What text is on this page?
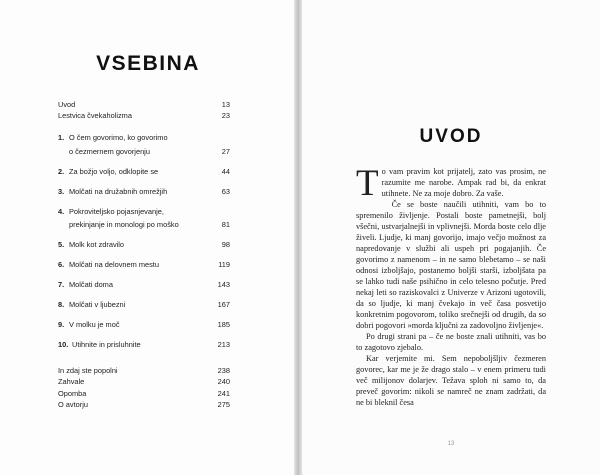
VSEBINA
Uvod	13
Lestvica čvekaholizma	23
1. O čem govorimo, ko govorimo
o čezmernem govorjenju	27
2. Za božjo voljo, odklopite se	44
3. Molčati na družabnih omrežjih	63
4. Pokroviteljsko pojasnjevanje,
prekinjanje in monologi po moško	81
5. Molk kot zdravilo	98
6. Molčati na delovnem mestu	119
7. Molčati doma	143
8. Molčati v ljubezni	167
9. V molku je moč	185
10. Utihnite in prisluhnite	213
In zdaj ste popolni	238
Zahvale	240
Opomba	241
O avtorju	275
UVOD

To vam pravim kot prijatelj, zato vas prosim, ne razumite me narobe. Ampak rad bi, da enkrat utihnete. Ne za moje dobro. Za vaše.

Če se boste naučili utihniti, vam bo to spremenilo življenje. Postali boste pametnejši, bolj všečni, ustvarjalnejši in vplivnejši. Morda boste celo dlje živeli. Ljudje, ki manj govorijo, imajo večjo možnost za napredovanje v službi ali uspeh pri pogajanjih. Če govorimo z namenom – in ne samo blebetamo – se naši odnosi izboljšajo, postanemo boljši starši, izboljšata pa se lahko tudi naše psihično in celo telesno počutje. Pred nekaj leti so raziskovalci z Univerze v Arizoni ugotovili, da so ljudje, ki manj čvekajo in več časa posvetijo konkretnim pogovorom, toliko srečnejši od drugih, da so dobri pogovori »morda ključni za zadovoljno življenje«.

Po drugi strani pa – če ne boste znali utihniti, vas bo to zagotovo zjebalo.

Kar verjemite mi. Sem nepoboljšljiv čezmeren govorec, kar me je že drago stalo – v enem primeru tudi več milijonov dolarjev. Težava sploh ni samo to, da preveč govorim: nikoli se namreč ne znam zadržati, da ne bi bleknil česa

13
